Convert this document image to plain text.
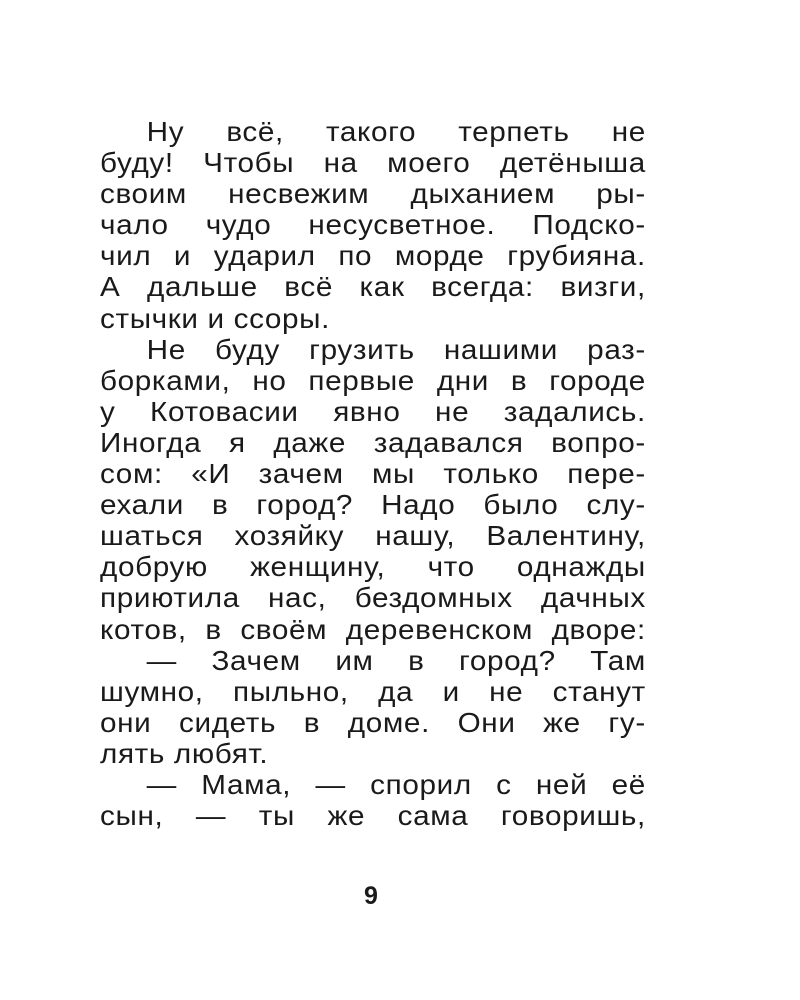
Ну всё, такого терпеть не
буду! Чтобы на моего детёныша
своим несвежим дыханием ры-
чало чудо несусветное. Подско-
чил и ударил по морде грубияна.
А дальше всё как всегда: визги,
стычки и ссоры.
Не буду грузить нашими раз-
борками, но первые дни в городе
у Котовасии явно не задались.
Иногда я даже задавался вопро-
сом: «И зачем мы только пере-
ехали в город? Надо было слу-
шаться хозяйку нашу, Валентину,
добрую женщину, что однажды
приютила нас, бездомных дачных
котов, в своём деревенском дворе:
— Зачем им в город? Там
шумно, пыльно, да и не станут
они сидеть в доме. Они же гу-
лять любят.
— Мама, — спорил с ней её
сын, — ты же сама говоришь,
9
